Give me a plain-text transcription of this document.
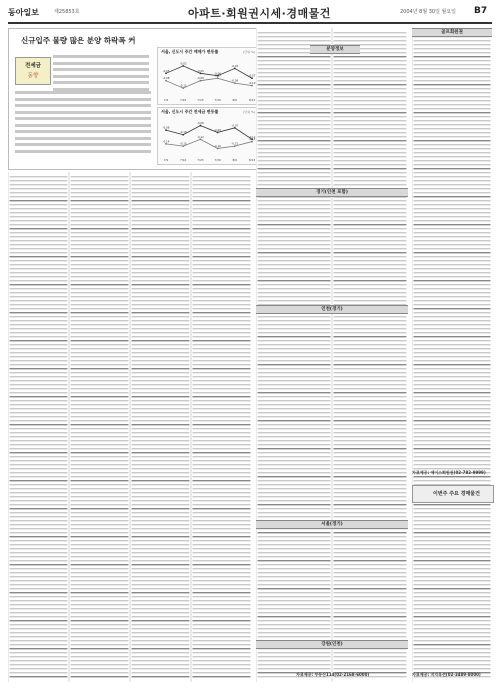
동아일보	제25853호	아파트·회원권시세·경매물건	2004년 8월 30일 월요일 B7
신규입주 물량 많은 분양 하락폭 커
전세금
동향
서울, 신도시 주간 매매가 변동률	(단위 %)
-0.05
-0.02
-0.05
-0.06
-0.03
-0.07
-0.08
-0.11
-0.08
-0.07
-0.09
-0.10
7/9	7/16	7/23	7/30	8/6	8/13
서울, 신도시 주간 전세금 변동률	(단위 %)
-0.08
-0.10
-0.06
-0.09
-0.07
-0.12
-0.14
-0.15
-0.12
-0.16
-0.15
-0.13
7/9	7/16	7/23	7/30	8/6	8/13
분양정보
경기(인천 포함)
인천(경기)
서울(경기)
강원(인천)
골프회원권
이번주 주요 경매물건
자료제공: 에이스회원권(02-782-9999)
자료제공: 지지옥션(02-3489-8000)
자료제공: 부동산114(02-2168-6000)
